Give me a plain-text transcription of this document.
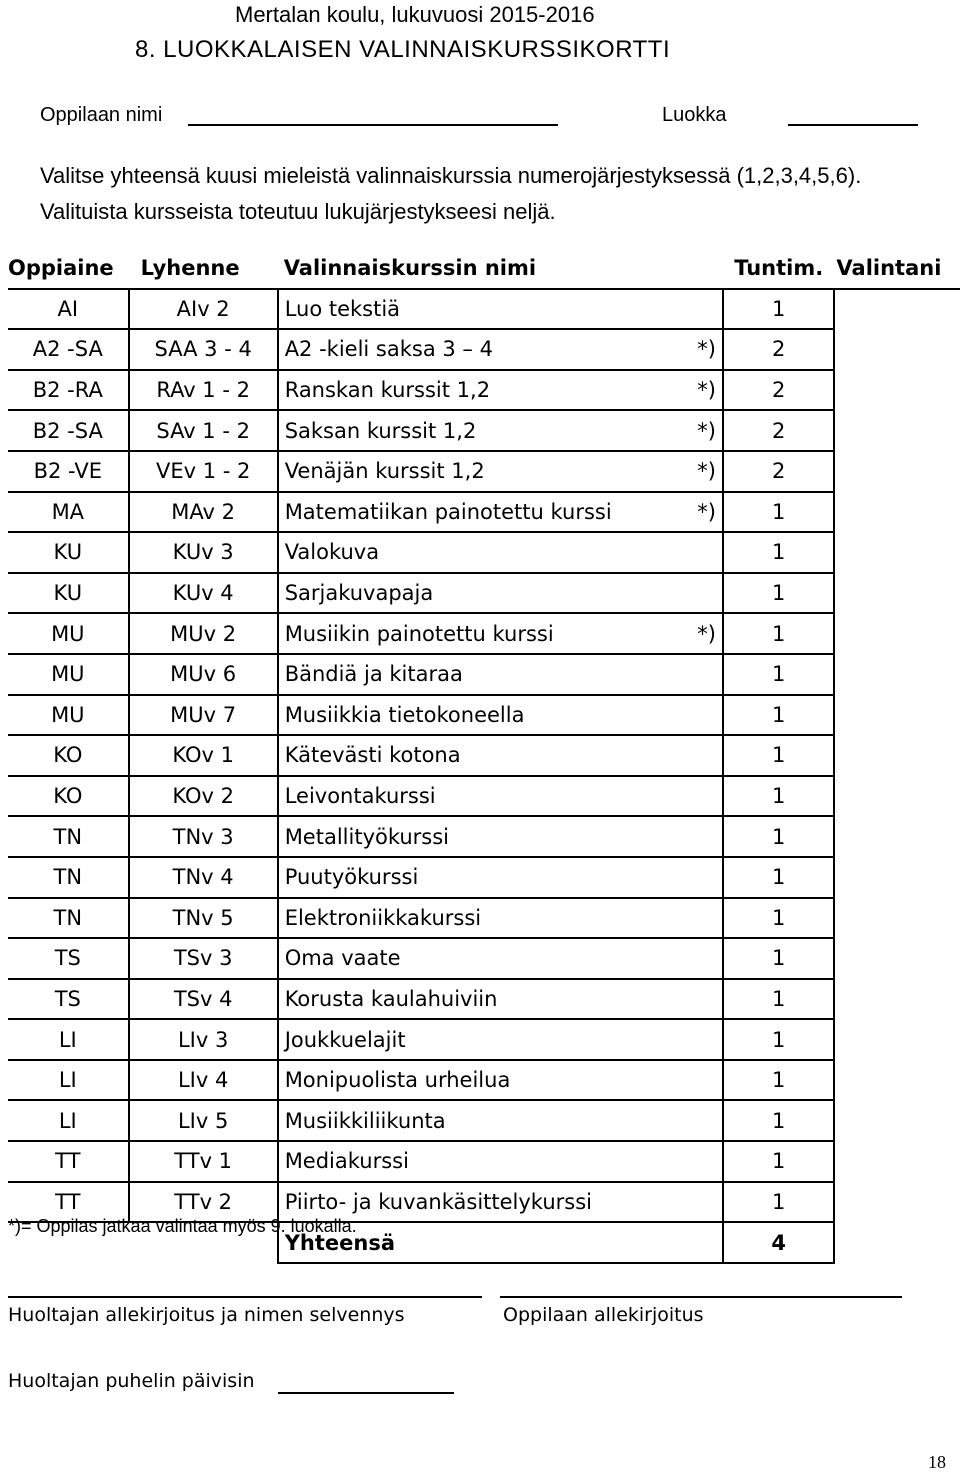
Mertalan koulu, lukuvuosi 2015-2016
8. LUOKKALAISEN VALINNAISKURSSIKORTTI
Oppilaan nimi	Luokka
Valitse yhteensä kuusi mieleistä valinnaiskurssia numerojärjestyksessä (1,2,3,4,5,6). Valituista kursseista toteutuu lukujärjestykseesi neljä.
Oppiaine	Lyhenne	Valinnaiskurssin nimi	Tuntim.	Valintani
AI	AIv 2	Luo tekstiä	1	
A2 -SA	SAA 3 - 4	A2 -kieli saksa 3 – 4 *)	2	
B2 -RA	RAv 1 - 2	Ranskan kurssit 1,2 *)	2	
B2 -SA	SAv 1 - 2	Saksan kurssit 1,2 *)	2	
B2 -VE	VEv 1 - 2	Venäjän kurssit 1,2 *)	2	
MA	MAv 2	Matematiikan painotettu kurssi *)	1	
KU	KUv 3	Valokuva	1	
KU	KUv 4	Sarjakuvapaja	1	
MU	MUv 2	Musiikin painotettu kurssi *)	1	
MU	MUv 6	Bändiä ja kitaraa	1	
MU	MUv 7	Musiikkia tietokoneella	1	
KO	KOv 1	Kätevästi kotona	1	
KO	KOv 2	Leivontakurssi	1	
TN	TNv 3	Metallityökurssi	1	
TN	TNv 4	Puutyökurssi	1	
TN	TNv 5	Elektroniikkakurssi	1	
TS	TSv 3	Oma vaate	1	
TS	TSv 4	Korusta kaulahuiviin	1	
LI	LIv 3	Joukkuelajit	1	
LI	LIv 4	Monipuolista urheilua	1	
LI	LIv 5	Musiikkiliikunta	1	
TT	TTv 1	Mediakurssi	1	
TT	TTv 2	Piirto- ja kuvankäsittelykurssi	1	
		Yhteensä	4	
*)= Oppilas jatkaa valintaa myös 9. luokalla.
Huoltajan allekirjoitus ja nimen selvennys	Oppilaan allekirjoitus
Huoltajan puhelin päivisin
18
